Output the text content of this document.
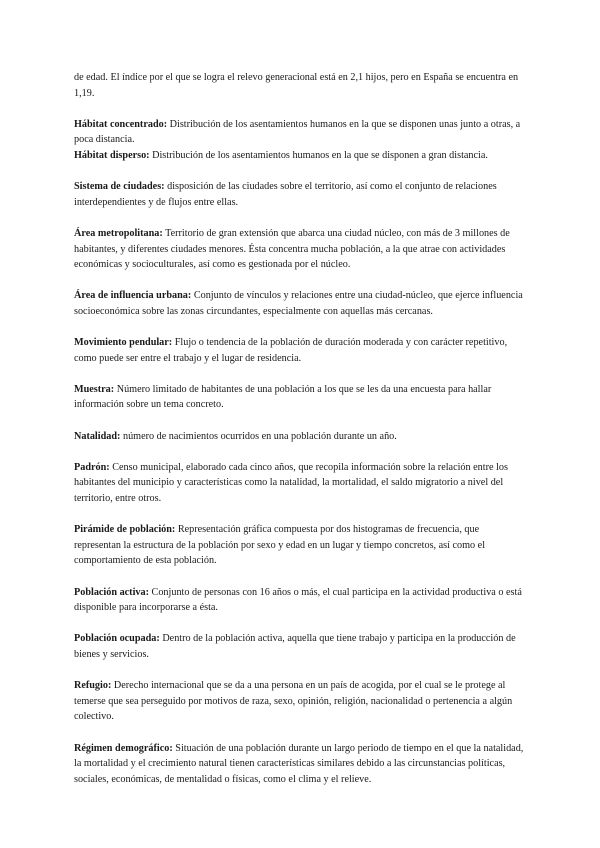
de edad. El índice por el que se logra el relevo generacional está en 2,1 hijos, pero en España se encuentra en 1,19.

Hábitat concentrado: Distribución de los asentamientos humanos en la que se disponen unas junto a otras, a poca distancia.

Hábitat disperso: Distribución de los asentamientos humanos en la que se disponen a gran distancia.

Sistema de ciudades: disposición de las ciudades sobre el territorio, así como el conjunto de relaciones interdependientes y de flujos entre ellas.

Área metropolitana: Territorio de gran extensión que abarca una ciudad núcleo, con más de 3 millones de habitantes, y diferentes ciudades menores. Ésta concentra mucha población, a la que atrae con actividades económicas y socioculturales, así como es gestionada por el núcleo.

Área de influencia urbana: Conjunto de vínculos y relaciones entre una ciudad-núcleo, que ejerce influencia socioeconómica sobre las zonas circundantes, especialmente con aquellas más cercanas.

Movimiento pendular: Flujo o tendencia de la población de duración moderada y con carácter repetitivo, como puede ser entre el trabajo y el lugar de residencia.

Muestra: Número limitado de habitantes de una población a los que se les da una encuesta para hallar información sobre un tema concreto.

Natalidad: número de nacimientos ocurridos en una población durante un año.

Padrón: Censo municipal, elaborado cada cinco años, que recopila información sobre la relación entre los habitantes del municipio y características como la natalidad, la mortalidad, el saldo migratorio a nivel del territorio, entre otros.

Pirámide de población: Representación gráfica compuesta por dos histogramas de frecuencia, que representan la estructura de la población por sexo y edad en un lugar y tiempo concretos, así como el comportamiento de esta población.

Población activa: Conjunto de personas con 16 años o más, el cual participa en la actividad productiva o está disponible para incorporarse a ésta.

Población ocupada: Dentro de la población activa, aquella que tiene trabajo y participa en la producción de bienes y servicios.

Refugio: Derecho internacional que se da a una persona en un país de acogida, por el cual se le protege al temerse que sea perseguido por motivos de raza, sexo, opinión, religión, nacionalidad o pertenencia a algún colectivo.

Régimen demográfico: Situación de una población durante un largo periodo de tiempo en el que la natalidad, la mortalidad y el crecimiento natural tienen características similares debido a las circunstancias políticas, sociales, económicas, de mentalidad o físicas, como el clima y el relieve.
